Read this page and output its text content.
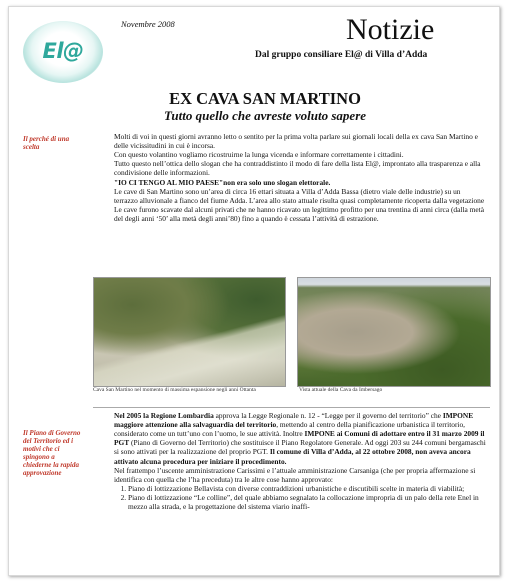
El@
Novembre 2008	Notizie
Dal gruppo consiliare El@ di Villa d’Adda
EX CAVA SAN MARTINO
Tutto quello che avreste voluto sapere
Il perché di una scelta

Molti di voi in questi giorni avranno letto o sentito per la prima volta parlare sui giornali locali della ex cava San Martino e delle vicissitudini in cui è incorsa.

Con questo volantino vogliamo ricostruirne la lunga vicenda e informare correttamente i cittadini.

Tutto questo nell’ottica dello slogan che ha contraddistinto il modo di fare della lista El@, improntato alla trasparenza e alla condivisione delle informazioni.

"IO CI TENGO AL MIO PAESE"non era solo uno slogan elettorale.

Le cave di San Martino sono un’area di circa 16 ettari situata a Villa d’Adda Bassa (dietro viale delle industrie) su un terrazzo alluvionale a fianco del fiume Adda. L’area allo stato attuale risulta quasi completamente ricoperta dalla vegetazione Le cave furono scavate dal alcuni privati che ne hanno ricavato un legittimo profitto per una trentina di anni circa (dalla metà del degli anni ‘50’ alla metà degli anni’80) fino a quando è cessata l’attività di estrazione.

Cava San Martino nel momento di massima espansione negli anni Ottanta	Vista attuale della Cava da Imbersago
Il Piano di Governo del Territorio ed i motivi che ci spingono a chiederne la rapida approvazione

Nel 2005 la Regione Lombardia approva la Legge Regionale n. 12 - “Legge per il governo del territorio” che IMPONE maggiore attenzione alla salvaguardia del territorio, mettendo al centro della pianificazione urbanistica il territorio, considerato come un tutt’uno con l’uomo, le sue attività. Inoltre IMPONE ai Comuni di adottare entro il 31 marzo 2009 il PGT (Piano di Governo del Territorio) che sostituisce il Piano Regolatore Generale. Ad oggi 203 su 244 comuni bergamaschi si sono attivati per la realizzazione del proprio PGT. Il comune di Villa d’Adda, al 22 ottobre 2008, non aveva ancora attivato alcuna procedura per iniziare il procedimento.

Nel frattempo l’uscente amministrazione Carissimi e l’attuale amministrazione Carsaniga (che per propria affermazione si identifica con quella che l’ha preceduta) tra le altre cose hanno approvato:

1. Piano di lottizzazione Bellavista con diverse contraddizioni urbanistiche e discutibili scelte in materia di viabilità;
2. Piano di lottizzazione “Le colline”, del quale abbiamo segnalato la collocazione impropria di un palo della rete Enel in mezzo alla strada, e la progettazione del sistema viario inaffi-
